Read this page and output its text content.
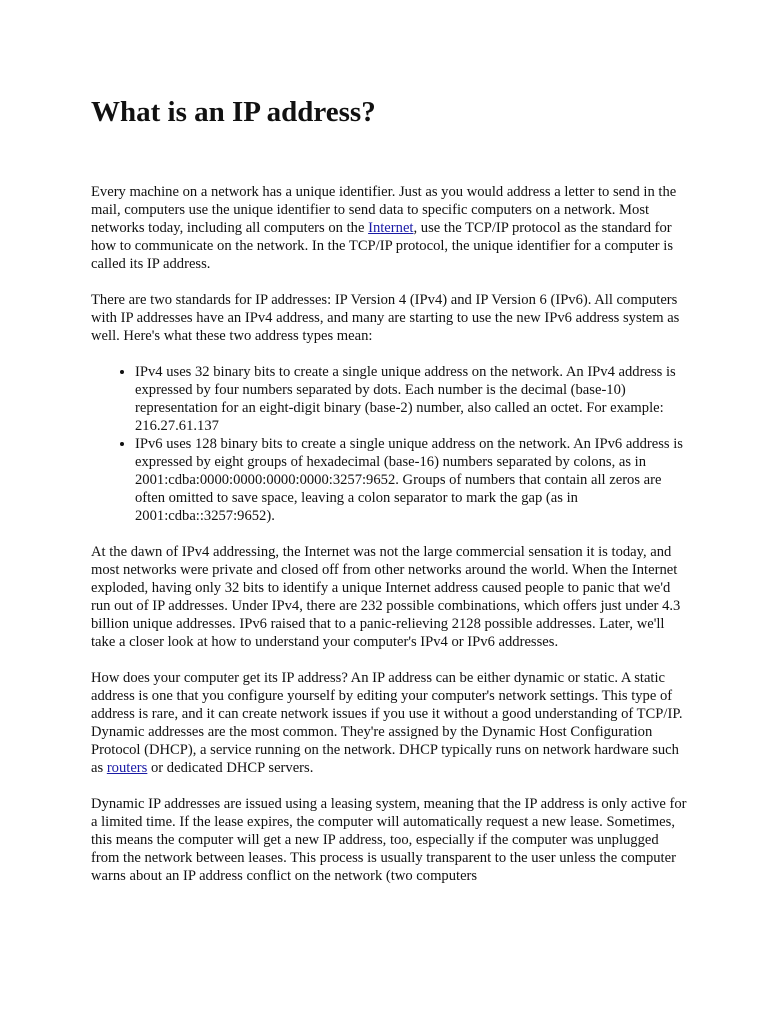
What is an IP address?

Every machine on a network has a unique identifier. Just as you would address a letter to send in the mail, computers use the unique identifier to send data to specific computers on a network. Most networks today, including all computers on the Internet, use the TCP/IP protocol as the standard for how to communicate on the network. In the TCP/IP protocol, the unique identifier for a computer is called its IP address.

There are two standards for IP addresses: IP Version 4 (IPv4) and IP Version 6 (IPv6). All computers with IP addresses have an IPv4 address, and many are starting to use the new IPv6 address system as well. Here's what these two address types mean:

• IPv4 uses 32 binary bits to create a single unique address on the network. An IPv4 address is expressed by four numbers separated by dots. Each number is the decimal (base-10) representation for an eight-digit binary (base-2) number, also called an octet. For example: 216.27.61.137
• IPv6 uses 128 binary bits to create a single unique address on the network. An IPv6 address is expressed by eight groups of hexadecimal (base-16) numbers separated by colons, as in 2001:cdba:0000:0000:0000:0000:3257:9652. Groups of numbers that contain all zeros are often omitted to save space, leaving a colon separator to mark the gap (as in 2001:cdba::3257:9652).

At the dawn of IPv4 addressing, the Internet was not the large commercial sensation it is today, and most networks were private and closed off from other networks around the world. When the Internet exploded, having only 32 bits to identify a unique Internet address caused people to panic that we'd run out of IP addresses. Under IPv4, there are 232 possible combinations, which offers just under 4.3 billion unique addresses. IPv6 raised that to a panic-relieving 2128 possible addresses. Later, we'll take a closer look at how to understand your computer's IPv4 or IPv6 addresses.

How does your computer get its IP address? An IP address can be either dynamic or static. A static address is one that you configure yourself by editing your computer's network settings. This type of address is rare, and it can create network issues if you use it without a good understanding of TCP/IP. Dynamic addresses are the most common. They're assigned by the Dynamic Host Configuration Protocol (DHCP), a service running on the network. DHCP typically runs on network hardware such as routers or dedicated DHCP servers.

Dynamic IP addresses are issued using a leasing system, meaning that the IP address is only active for a limited time. If the lease expires, the computer will automatically request a new lease. Sometimes, this means the computer will get a new IP address, too, especially if the computer was unplugged from the network between leases. This process is usually transparent to the user unless the computer warns about an IP address conflict on the network (two computers
